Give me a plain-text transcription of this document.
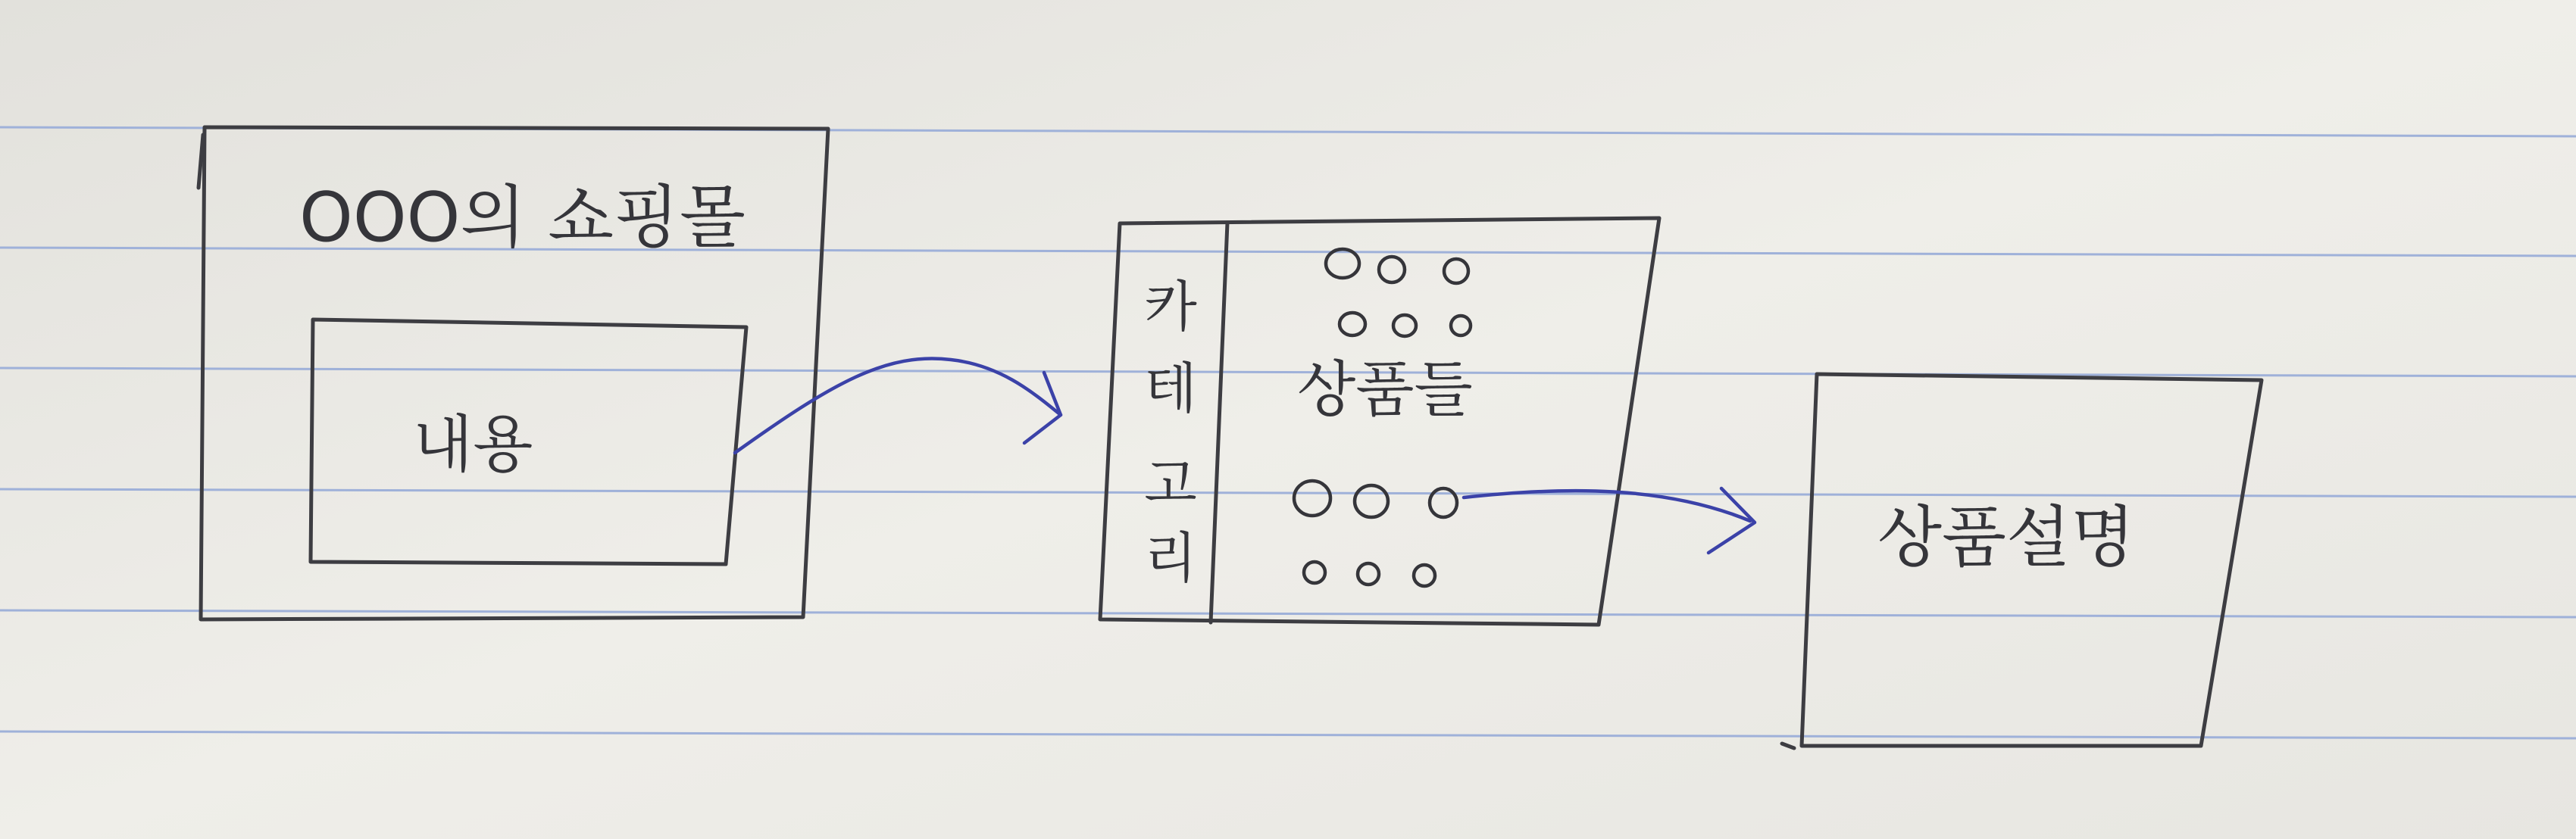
OOO의 쇼핑몰
내용
카
테
고
리
상품들
상품설명
